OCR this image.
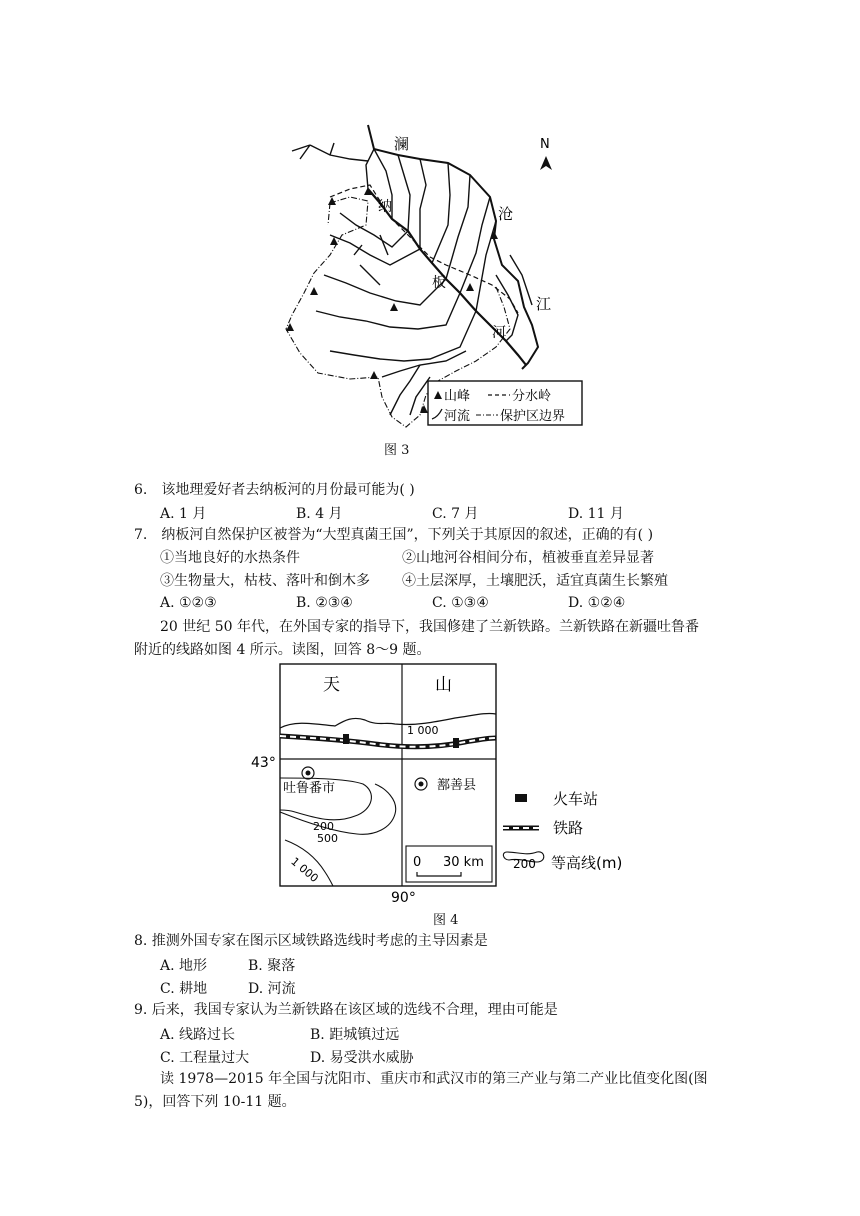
N
澜
沧
江
纳
板
河
山峰	分水岭
河流 保护区边界
图 3
6. 该地理爱好者去纳板河的月份最可能为( )
A. 1 月	B. 4 月	C. 7 月	D. 11 月
7. 纳板河自然保护区被誉为“大型真菌王国”，下列关于其原因的叙述，正确的有( )
①当地良好的水热条件	②山地河谷相间分布，植被垂直差异显著
③生物量大，枯枝、落叶和倒木多 ④土层深厚，土壤肥沃，适宜真菌生长繁殖
A. ①②③	B. ②③④	C. ①③④	D. ①②④
20 世纪 50 年代，在外国专家的指导下，我国修建了兰新铁路。兰新铁路在新疆吐鲁番
附近的线路如图 4 所示。读图，回答 8～9 题。
天	山
1 000
43°
90°
吐鲁番市	鄯善县
200
500
1 000	0 30 km
火车站
铁路
200 等高线(m)
图 4
8. 推测外国专家在图示区域铁路选线时考虑的主导因素是
A. 地形	B. 聚落
C. 耕地	D. 河流
9. 后来，我国专家认为兰新铁路在该区域的选线不合理，理由可能是
A. 线路过长	B. 距城镇过远
C. 工程量过大	D. 易受洪水威胁
读 1978—2015 年全国与沈阳市、重庆市和武汉市的第三产业与第二产业比值变化图(图
5)，回答下列 10-11 题。
